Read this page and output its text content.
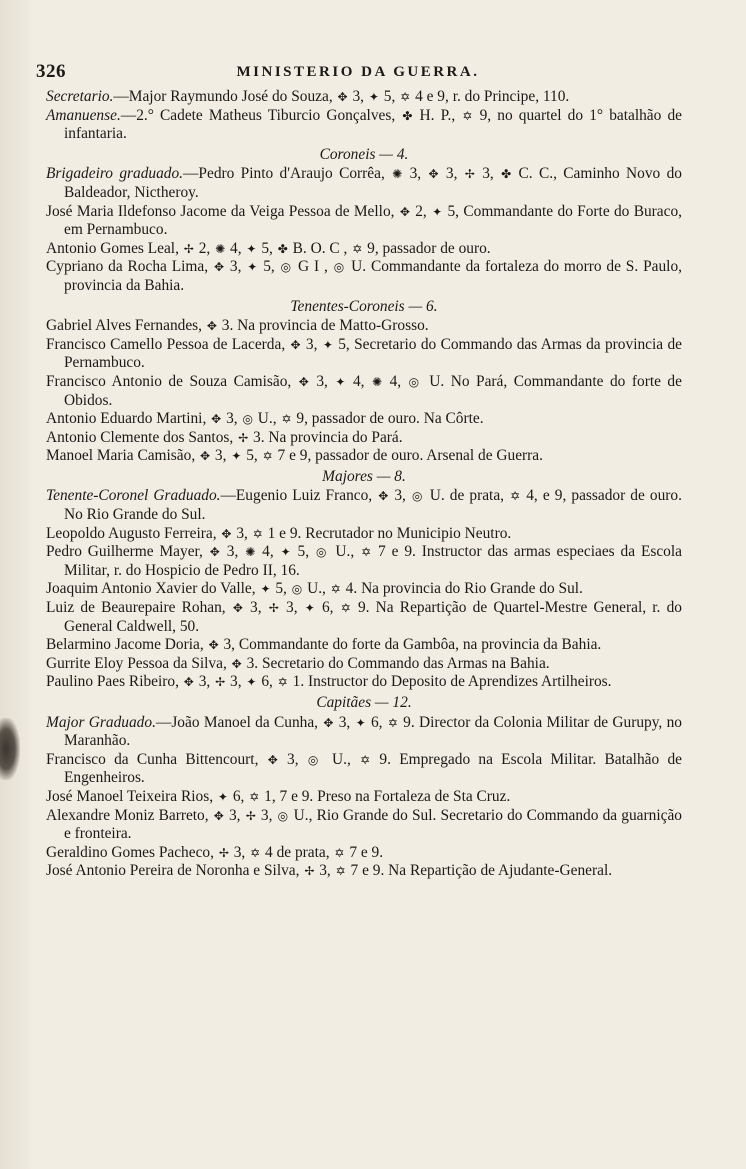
326	MINISTERIO DA GUERRA.

Secretario.—Major Raymundo José do Souza, ✥ 3, ✦ 5, ✡ 4 e 9, r. do Principe, 110.

Amanuense.—2.° Cadete Matheus Tiburcio Gonçalves, ✤ H. P., ✡ 9, no quartel do 1° batalhão de infantaria.

Coroneis — 4.

Brigadeiro graduado.—Pedro Pinto d'Araujo Corrêa, ✺ 3, ✥ 3, ✢ 3, ✤ C. C., Caminho Novo do Baldeador, Nictheroy.

José Maria Ildefonso Jacome da Veiga Pessoa de Mello, ✥ 2, ✦ 5, Commandante do Forte do Buraco, em Pernambuco.

Antonio Gomes Leal, ✢ 2, ✺ 4, ✦ 5, ✤ B. O. C , ✡ 9, passador de ouro.

Cypriano da Rocha Lima, ✥ 3, ✦ 5, ◎ G I , ◎ U. Commandante da fortaleza do morro de S. Paulo, provincia da Bahia.

Tenentes-Coroneis — 6.

Gabriel Alves Fernandes, ✥ 3. Na provincia de Matto-Grosso.

Francisco Camello Pessoa de Lacerda, ✥ 3, ✦ 5, Secretario do Commando das Armas da provincia de Pernambuco.

Francisco Antonio de Souza Camisão, ✥ 3, ✦ 4, ✺ 4, ◎ U. No Pará, Commandante do forte de Obidos.

Antonio Eduardo Martini, ✥ 3, ◎ U., ✡ 9, passador de ouro. Na Côrte.

Antonio Clemente dos Santos, ✢ 3. Na provincia do Pará.

Manoel Maria Camisão, ✥ 3, ✦ 5, ✡ 7 e 9, passador de ouro. Arsenal de Guerra.

Majores — 8.

Tenente-Coronel Graduado.—Eugenio Luiz Franco, ✥ 3, ◎ U. de prata, ✡ 4, e 9, passador de ouro. No Rio Grande do Sul.

Leopoldo Augusto Ferreira, ✥ 3, ✡ 1 e 9. Recrutador no Municipio Neutro.

Pedro Guilherme Mayer, ✥ 3, ✺ 4, ✦ 5, ◎ U., ✡ 7 e 9. Instructor das armas especiaes da Escola Militar, r. do Hospicio de Pedro II, 16.

Joaquim Antonio Xavier do Valle, ✦ 5, ◎ U., ✡ 4. Na provincia do Rio Grande do Sul.

Luiz de Beaurepaire Rohan, ✥ 3, ✢ 3, ✦ 6, ✡ 9. Na Repartição de Quartel-Mestre General, r. do General Caldwell, 50.

Belarmino Jacome Doria, ✥ 3, Commandante do forte da Gambôa, na provincia da Bahia.

Gurrite Eloy Pessoa da Silva, ✥ 3. Secretario do Commando das Armas na Bahia.

Paulino Paes Ribeiro, ✥ 3, ✢ 3, ✦ 6, ✡ 1. Instructor do Deposito de Aprendizes Artilheiros.

Capitães — 12.

Major Graduado.—João Manoel da Cunha, ✥ 3, ✦ 6, ✡ 9. Director da Colonia Militar de Gurupy, no Maranhão.

Francisco da Cunha Bittencourt, ✥ 3, ◎ U., ✡ 9. Empregado na Escola Militar. Batalhão de Engenheiros.

José Manoel Teixeira Rios, ✦ 6, ✡ 1, 7 e 9. Preso na Fortaleza de Sta Cruz.

Alexandre Moniz Barreto, ✥ 3, ✢ 3, ◎ U., Rio Grande do Sul. Secretario do Commando da guarnição e fronteira.

Geraldino Gomes Pacheco, ✢ 3, ✡ 4 de prata, ✡ 7 e 9.

José Antonio Pereira de Noronha e Silva, ✢ 3, ✡ 7 e 9. Na Repartição de Ajudante-General.
